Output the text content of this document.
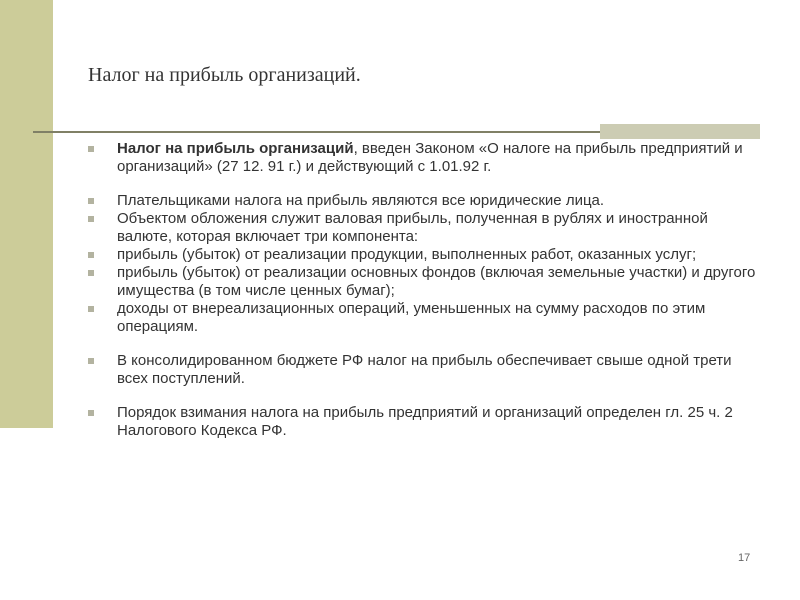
Налог на прибыль организаций.
Налог на прибыль организаций, введен Законом «О налоге на прибыль предприятий и организаций» (27 12. 91 г.) и действующий с 1.01.92 г.
Плательщиками налога на прибыль являются все юридические лица.
Объектом обложения служит валовая прибыль, полученная в рублях и иностранной валюте, которая включает три компонента:
прибыль (убыток) от реализации продукции, выполненных работ, оказанных услуг;
прибыль (убыток) от реализации основных фондов (включая земельные участки) и другого имущества (в том числе ценных бумаг);
доходы от внереализационных операций, уменьшенных на сумму расходов по этим операциям.
В консолидированном бюджете РФ налог на прибыль обеспечивает свыше одной трети всех поступлений.
Порядок взимания налога на прибыль предприятий и организаций определен гл. 25 ч. 2 Налогового Кодекса РФ.
17
